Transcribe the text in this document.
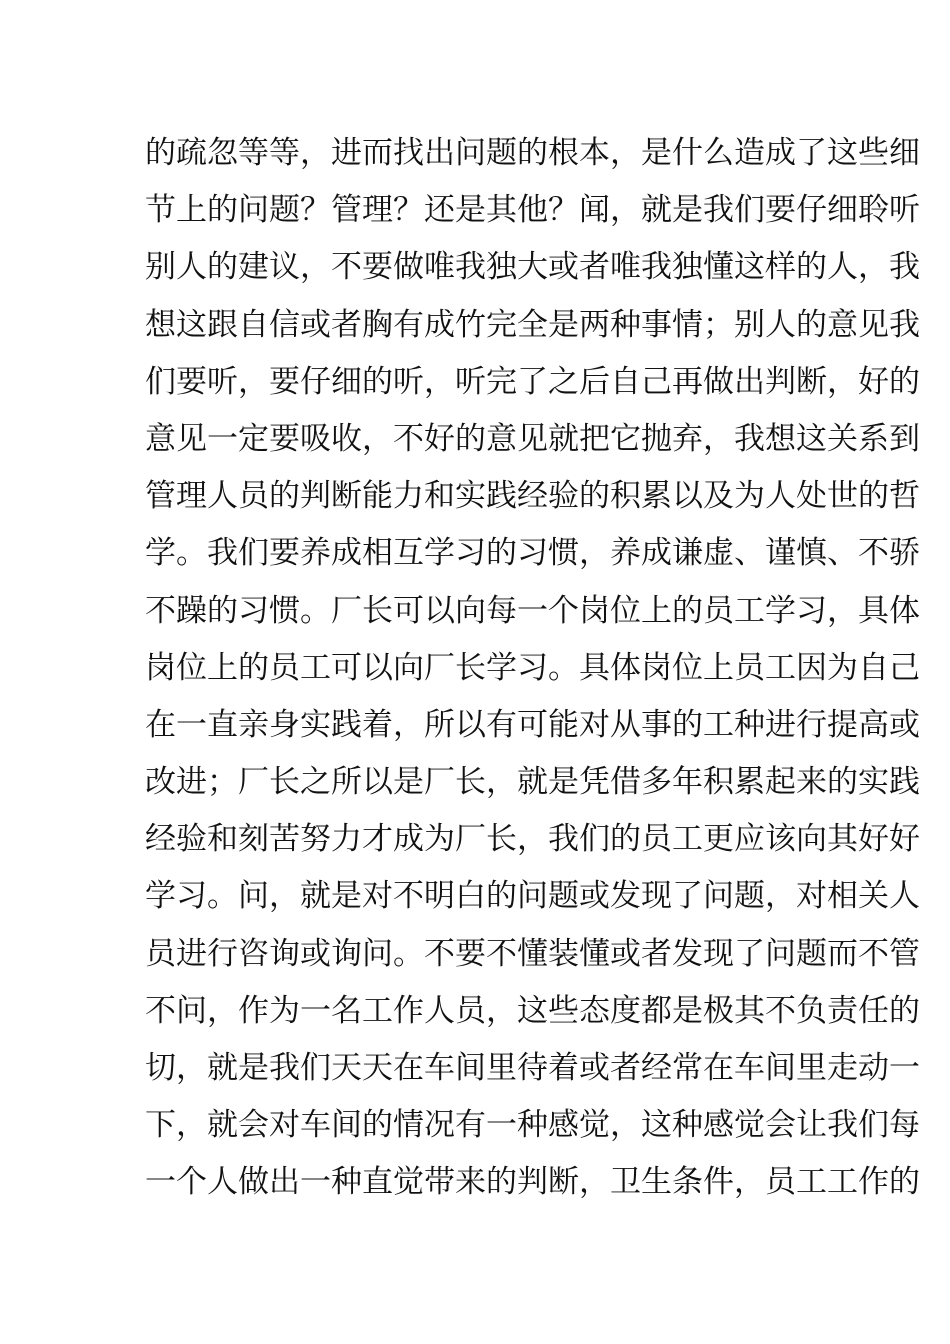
的疏忽等等，进而找出问题的根本，是什么造成了这些细
节上的问题？管理？还是其他？闻，就是我们要仔细聆听
别人的建议，不要做唯我独大或者唯我独懂这样的人，我
想这跟自信或者胸有成竹完全是两种事情；别人的意见我
们要听，要仔细的听，听完了之后自己再做出判断，好的
意见一定要吸收，不好的意见就把它抛弃，我想这关系到
管理人员的判断能力和实践经验的积累以及为人处世的哲
学。我们要养成相互学习的习惯，养成谦虚、谨慎、不骄
不躁的习惯。厂长可以向每一个岗位上的员工学习，具体
岗位上的员工可以向厂长学习。具体岗位上员工因为自己
在一直亲身实践着，所以有可能对从事的工种进行提高或
改进；厂长之所以是厂长，就是凭借多年积累起来的实践
经验和刻苦努力才成为厂长，我们的员工更应该向其好好
学习。问，就是对不明白的问题或发现了问题，对相关人
员进行咨询或询问。不要不懂装懂或者发现了问题而不管
不问，作为一名工作人员，这些态度都是极其不负责任的
切，就是我们天天在车间里待着或者经常在车间里走动一
下，就会对车间的情况有一种感觉，这种感觉会让我们每
一个人做出一种直觉带来的判断，卫生条件，员工工作的
